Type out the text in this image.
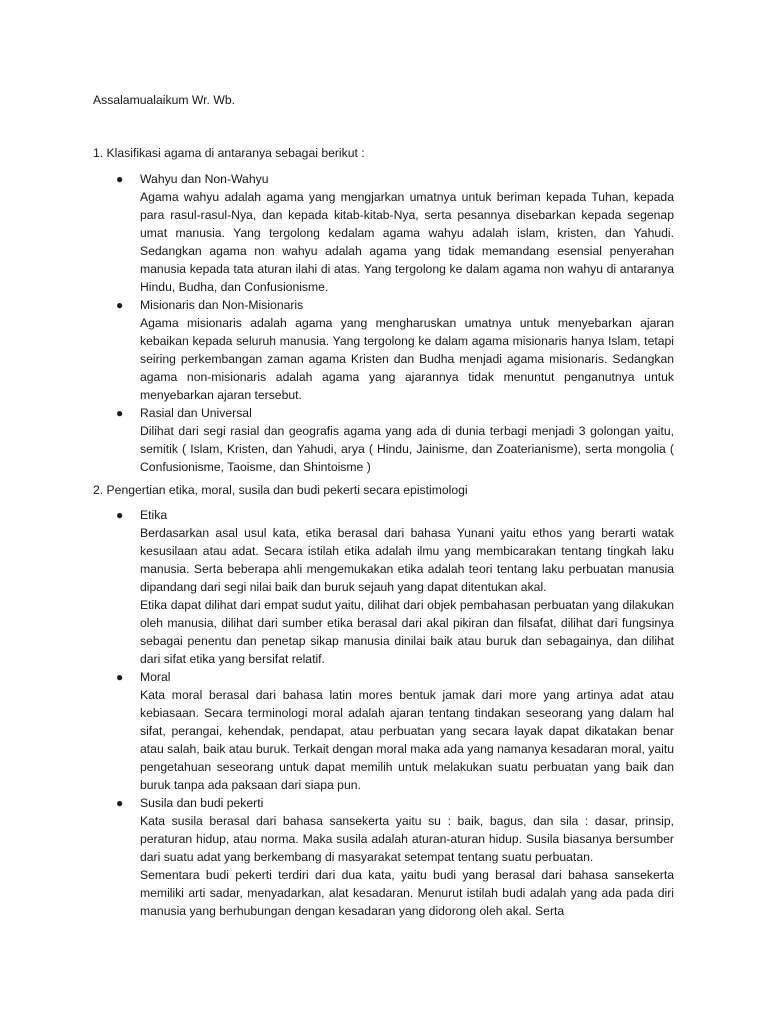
Assalamualaikum Wr. Wb.

1. Klasifikasi agama di antaranya sebagai berikut :

● Wahyu dan Non-Wahyu

Agama wahyu adalah agama yang mengjarkan umatnya untuk beriman kepada Tuhan, kepada para rasul-rasul-Nya, dan kepada kitab-kitab-Nya, serta pesannya disebarkan kepada segenap umat manusia. Yang tergolong kedalam agama wahyu adalah islam, kristen, dan Yahudi. Sedangkan agama non wahyu adalah agama yang tidak memandang esensial penyerahan manusia kepada tata aturan ilahi di atas. Yang tergolong ke dalam agama non wahyu di antaranya Hindu, Budha, dan Confusionisme.

● Misionaris dan Non-Misionaris

Agama misionaris adalah agama yang mengharuskan umatnya untuk menyebarkan ajaran kebaikan kepada seluruh manusia. Yang tergolong ke dalam agama misionaris hanya Islam, tetapi seiring perkembangan zaman agama Kristen dan Budha menjadi agama misionaris. Sedangkan agama non-misionaris adalah agama yang ajarannya tidak menuntut penganutnya untuk menyebarkan ajaran tersebut.

● Rasial dan Universal

Dilihat dari segi rasial dan geografis agama yang ada di dunia terbagi menjadi 3 golongan yaitu, semitik ( Islam, Kristen, dan Yahudi, arya ( Hindu, Jainisme, dan Zoaterianisme), serta mongolia ( Confusionisme, Taoisme, dan Shintoisme )

2. Pengertian etika, moral, susila dan budi pekerti secara epistimologi

● Etika

Berdasarkan asal usul kata, etika berasal dari bahasa Yunani yaitu ethos yang berarti watak kesusilaan atau adat. Secara istilah etika adalah ilmu yang membicarakan tentang tingkah laku manusia. Serta beberapa ahli mengemukakan etika adalah teori tentang laku perbuatan manusia dipandang dari segi nilai baik dan buruk sejauh yang dapat ditentukan akal.

Etika dapat dilihat dari empat sudut yaitu, dilihat dari objek pembahasan perbuatan yang dilakukan oleh manusia, dilihat dari sumber etika berasal dari akal pikiran dan filsafat, dilihat dari fungsinya sebagai penentu dan penetap sikap manusia dinilai baik atau buruk dan sebagainya, dan dilihat dari sifat etika yang bersifat relatif.

● Moral

Kata moral berasal dari bahasa latin mores bentuk jamak dari more yang artinya adat atau kebiasaan. Secara terminologi moral adalah ajaran tentang tindakan seseorang yang dalam hal sifat, perangai, kehendak, pendapat, atau perbuatan yang secara layak dapat dikatakan benar atau salah, baik atau buruk. Terkait dengan moral maka ada yang namanya kesadaran moral, yaitu pengetahuan seseorang untuk dapat memilih untuk melakukan suatu perbuatan yang baik dan buruk tanpa ada paksaan dari siapa pun.

● Susila dan budi pekerti

Kata susila berasal dari bahasa sansekerta yaitu su : baik, bagus, dan sila : dasar, prinsip, peraturan hidup, atau norma. Maka susila adalah aturan-aturan hidup. Susila biasanya bersumber dari suatu adat yang berkembang di masyarakat setempat tentang suatu perbuatan.

Sementara budi pekerti terdiri dari dua kata, yaitu budi yang berasal dari bahasa sansekerta memiliki arti sadar, menyadarkan, alat kesadaran. Menurut istilah budi adalah yang ada pada diri manusia yang berhubungan dengan kesadaran yang didorong oleh akal. Serta
